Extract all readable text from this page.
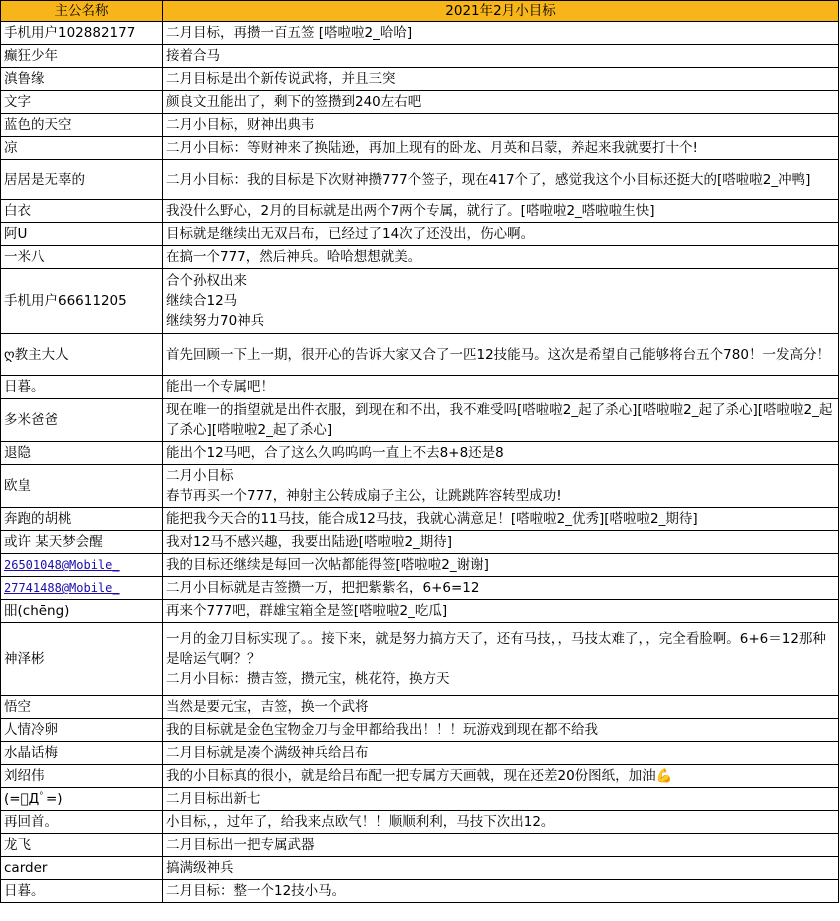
主公名称	2021年2月小目标
手机用户102882177	二月目标，再攒一百五签 [嗒啦啦2_哈哈]

癫狂少年	接着合马

滇鲁缘	二月目标是出个新传说武将，并且三突

文字	颜良文丑能出了，剩下的签攒到240左右吧

蓝色的天空	二月小目标，财神出典韦

凉	二月小目标：等财神来了换陆逊，再加上现有的卧龙、月英和吕蒙，养起来我就要打十个!

居居是无辜的	二月小目标：我的目标是下次财神攒777个签子，现在417个了，感觉我这个小目标还挺大的[嗒啦啦2_冲鸭]

白衣	我没什么野心，2月的目标就是出两个7两个专属，就行了。[嗒啦啦2_嗒啦啦生快]

阿U	目标就是继续出无双吕布，已经过了14次了还没出，伤心啊。

一米八	在搞一个777，然后神兵。哈哈想想就美。

手机用户66611205	合个孙权出来
继续合12马
继续努力70神兵

ღ教主大人	首先回顾一下上一期，很开心的告诉大家又合了一匹12技能马。这次是希望自己能够将台五个780！一发高分！

日暮。	能出一个专属吧！

多米爸爸	现在唯一的指望就是出件衣服，到现在和不出，我不难受吗[嗒啦啦2_起了杀心][嗒啦啦2_起了杀心][嗒啦啦2_起了杀心][嗒啦啦2_起了杀心]

退隐	能出个12马吧，合了这么久呜呜呜一直上不去8+8还是8

欧皇	二月小目标
春节再买一个777，神射主公转成扇子主公，让跳跳阵容转型成功!

奔跑的胡桃	能把我今天合的11马技，能合成12马技，我就心满意足！[嗒啦啦2_优秀][嗒啦啦2_期待]

或许 某天梦会醒	我对12马不感兴趣，我要出陆逊[嗒啦啦2_期待]

26501048@Mobile_	我的目标还继续是每回一次帖都能得签[嗒啦啦2_谢谢]

27741488@Mobile_	二月小目标就是吉签攒一万，把把紫紫名，6+6=12

昍(chēng)	再来个777吧，群雄宝箱全是签[嗒啦啦2_吃瓜]

神泽彬	一月的金刀目标实现了。。接下来，就是努力搞方天了，还有马技，，马技太难了，，完全看脸啊。6+6＝12那种是啥运气啊？？
二月小目标：攒吉签，攒元宝，桃花符，换方天

悟空	当然是要元宝，吉签，换一个武将

人情冷卵	我的目标就是金色宝物金刀与金甲都给我出！！！玩游戏到现在都不给我

水晶话梅	二月目标就是凑个满级神兵给吕布

刘绍伟	我的小目标真的很小，就是给吕布配一把专属方天画戟，现在还差20份图纸，加油💪

(=ﾟДﾟ=)	二月目标出新七

再回首。	小目标，，过年了，给我来点欧气！！顺顺利利，马技下次出12。

龙飞	二月目标出一把专属武器

carder	搞满级神兵

日暮。	二月目标：整一个12技小马。
